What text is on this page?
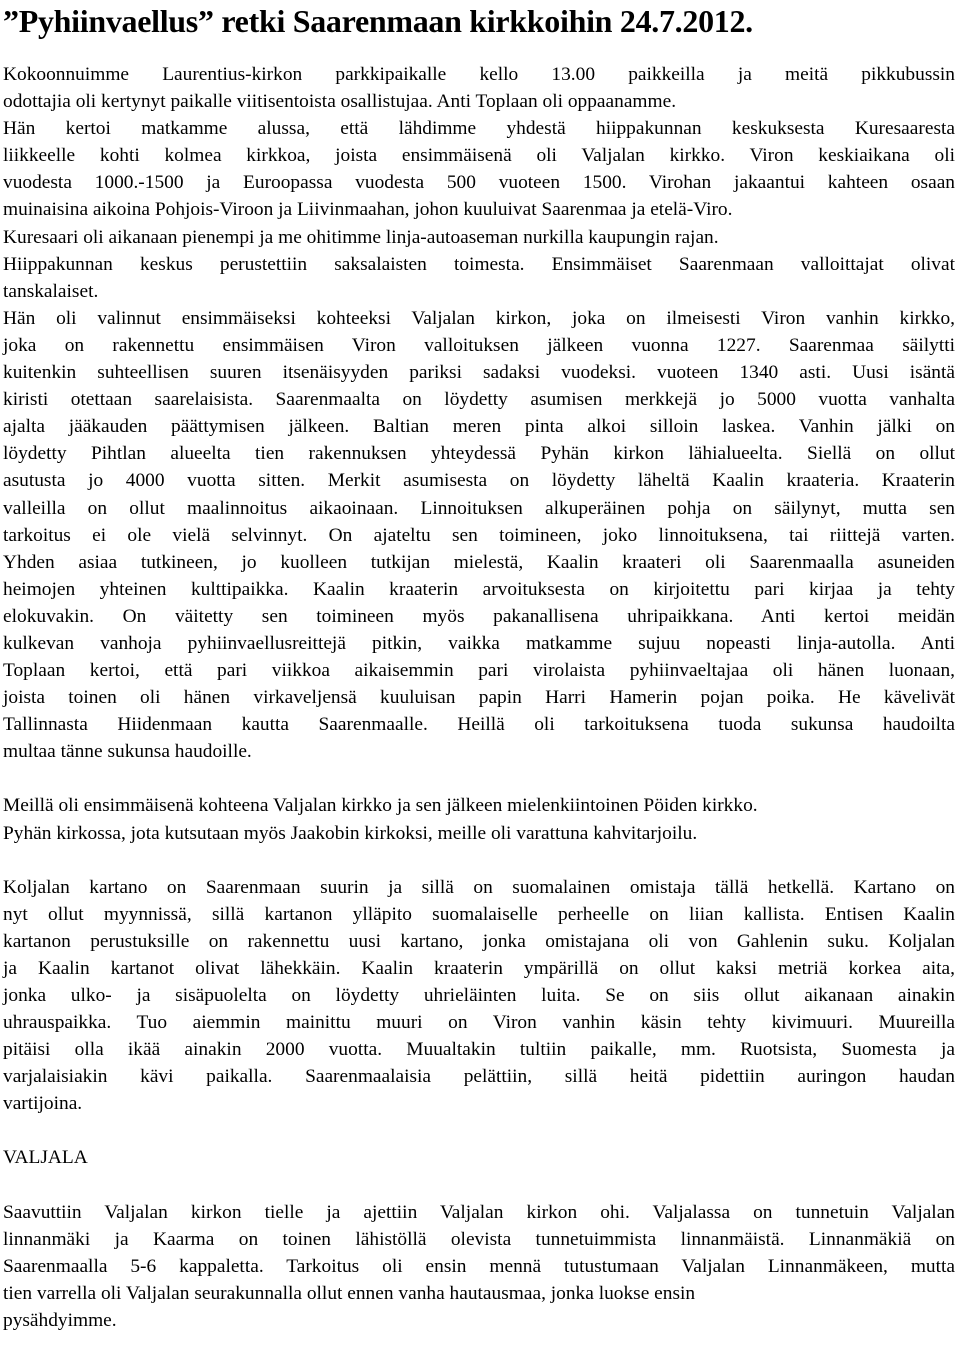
”Pyhiinvaellus” retki Saarenmaan kirkkoihin 24.7.2012.

Kokoonnuimme Laurentius-kirkon parkkipaikalle kello 13.00 paikkeilla ja meitä pikkubussin
odottajia oli kertynyt paikalle viitisentoista osallistujaa. Anti Toplaan oli oppaanamme.
Hän kertoi matkamme alussa, että lähdimme yhdestä hiippakunnan keskuksesta Kuresaaresta
liikkeelle kohti kolmea kirkkoa, joista ensimmäisenä oli Valjalan kirkko. Viron keskiaikana oli
vuodesta 1000.-1500 ja Euroopassa vuodesta 500 vuoteen 1500. Virohan jakaantui kahteen osaan
muinaisina aikoina Pohjois-Viroon ja Liivinmaahan, johon kuuluivat Saarenmaa ja etelä-Viro.
Kuresaari oli aikanaan pienempi ja me ohitimme linja-autoaseman nurkilla kaupungin rajan.
Hiippakunnan keskus perustettiin saksalaisten toimesta. Ensimmäiset Saarenmaan valloittajat olivat
tanskalaiset.
Hän oli valinnut ensimmäiseksi kohteeksi Valjalan kirkon, joka on ilmeisesti Viron vanhin kirkko,
joka on rakennettu ensimmäisen Viron valloituksen jälkeen vuonna 1227. Saarenmaa säilytti
kuitenkin suhteellisen suuren itsenäisyyden pariksi sadaksi vuodeksi. vuoteen 1340 asti. Uusi isäntä
kiristi otettaan saarelaisista. Saarenmaalta on löydetty asumisen merkkejä jo 5000 vuotta vanhalta
ajalta jääkauden päättymisen jälkeen. Baltian meren pinta alkoi silloin laskea. Vanhin jälki on
löydetty Pihtlan alueelta tien rakennuksen yhteydessä Pyhän kirkon lähialueelta. Siellä on ollut
asutusta jo 4000 vuotta sitten. Merkit asumisesta on löydetty läheltä Kaalin kraateria. Kraaterin
valleilla on ollut maalinnoitus aikaoinaan. Linnoituksen alkuperäinen pohja on säilynyt, mutta sen
tarkoitus ei ole vielä selvinnyt. On ajateltu sen toimineen, joko linnoituksena, tai riittejä varten.
Yhden asiaa tutkineen, jo kuolleen tutkijan mielestä, Kaalin kraateri oli Saarenmaalla asuneiden
heimojen yhteinen kulttipaikka. Kaalin kraaterin arvoituksesta on kirjoitettu pari kirjaa ja tehty
elokuvakin. On väitetty sen toimineen myös pakanallisena uhripaikkana. Anti kertoi meidän
kulkevan vanhoja pyhiinvaellusreittejä pitkin, vaikka matkamme sujuu nopeasti linja-autolla. Anti
Toplaan kertoi, että pari viikkoa aikaisemmin pari virolaista pyhiinvaeltajaa oli hänen luonaan,
joista toinen oli hänen virkaveljensä kuuluisan papin Harri Hamerin pojan poika. He kävelivät
Tallinnasta Hiidenmaan kautta Saarenmaalle. Heillä oli tarkoituksena tuoda sukunsa haudoilta
multaa tänne sukunsa haudoille.

Meillä oli ensimmäisenä kohteena Valjalan kirkko ja sen jälkeen mielenkiintoinen Pöiden kirkko.
Pyhän kirkossa, jota kutsutaan myös Jaakobin kirkoksi, meille oli varattuna kahvitarjoilu.

Koljalan kartano on Saarenmaan suurin ja sillä on suomalainen omistaja tällä hetkellä. Kartano on
nyt ollut myynnissä, sillä kartanon ylläpito suomalaiselle perheelle on liian kallista. Entisen Kaalin
kartanon perustuksille on rakennettu uusi kartano, jonka omistajana oli von Gahlenin suku. Koljalan
ja Kaalin kartanot olivat lähekkäin. Kaalin kraaterin ympärillä on ollut kaksi metriä korkea aita,
jonka ulko- ja sisäpuolelta on löydetty uhrieläinten luita. Se on siis ollut aikanaan ainakin
uhrauspaikka. Tuo aiemmin mainittu muuri on Viron vanhin käsin tehty kivimuuri. Muureilla
pitäisi olla ikää ainakin 2000 vuotta. Muualtakin tultiin paikalle, mm. Ruotsista, Suomesta ja
varjalaisiakin kävi paikalla. Saarenmaalaisia pelättiin, sillä heitä pidettiin auringon haudan
vartijoina.

VALJALA

Saavuttiin Valjalan kirkon tielle ja ajettiin Valjalan kirkon ohi. Valjalassa on tunnetuin Valjalan
linnanmäki ja Kaarma on toinen lähistöllä olevista tunnetuimmista linnanmäistä. Linnanmäkiä on
Saarenmaalla 5-6 kappaletta. Tarkoitus oli ensin mennä tutustumaan Valjalan Linnanmäkeen, mutta
tien varrella oli Valjalan seurakunnalla ollut ennen vanha hautausmaa, jonka luokse ensin
pysähdyimme.
